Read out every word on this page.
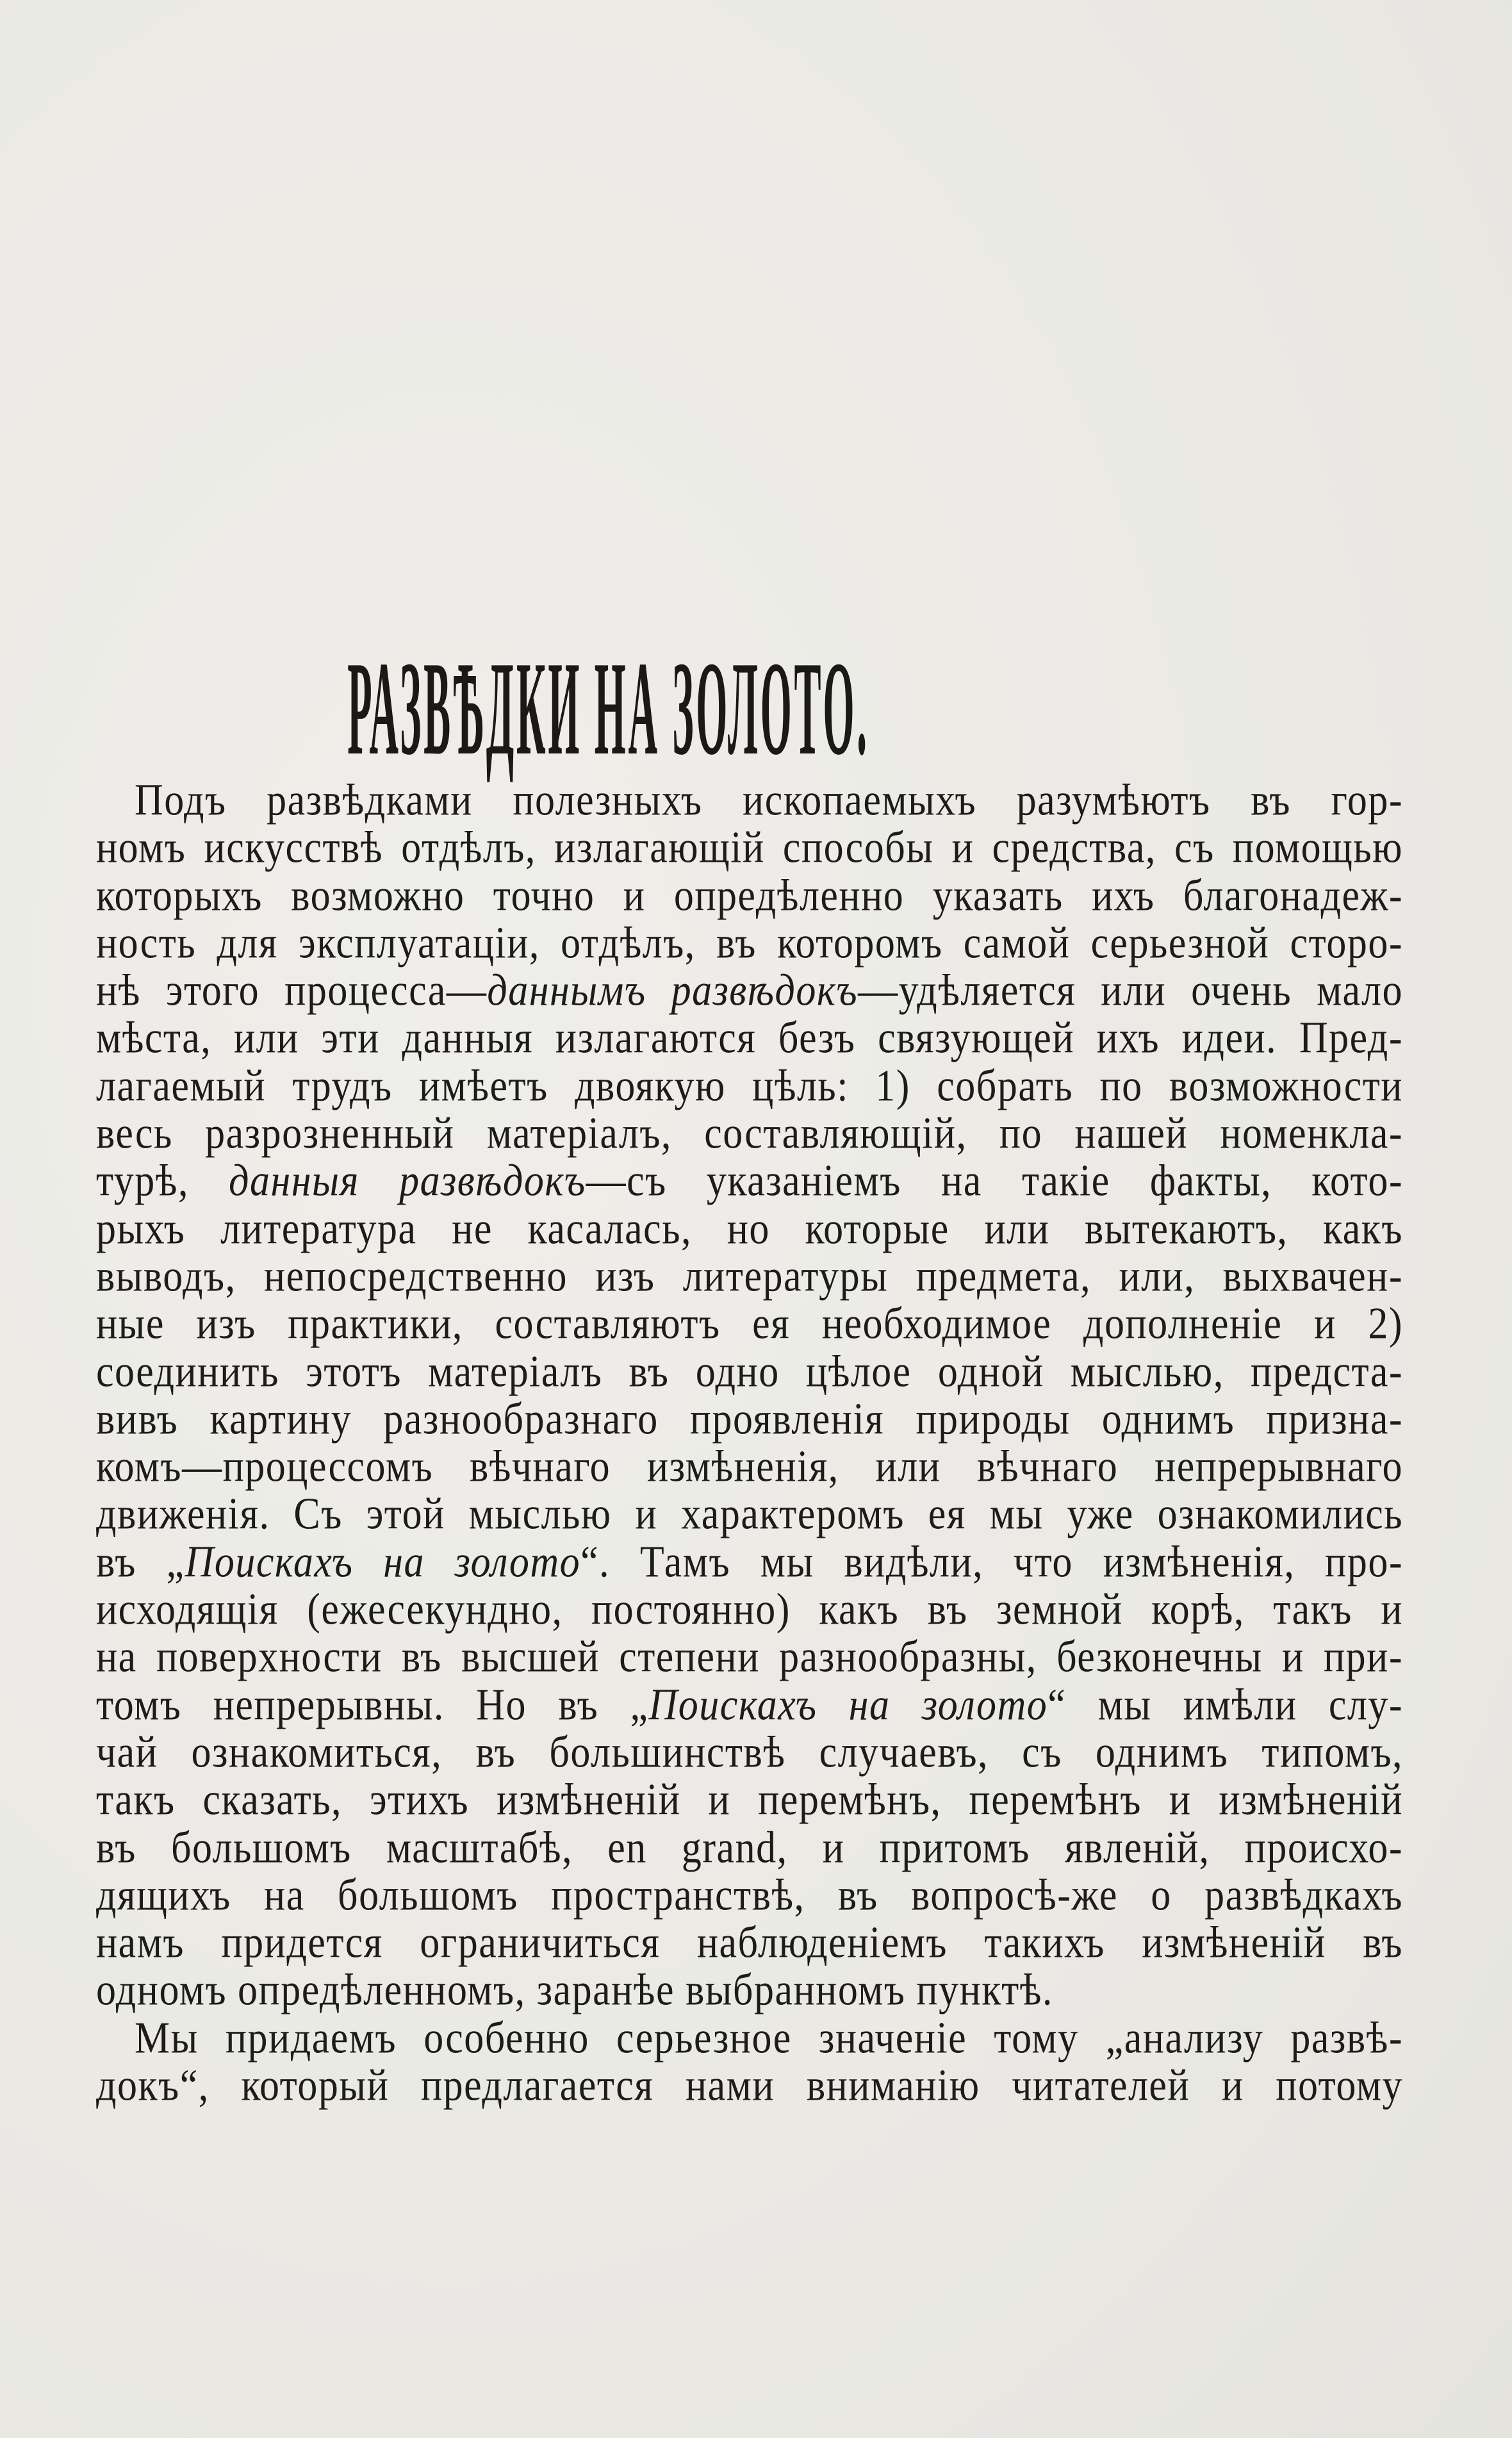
РАЗВѢДКИ НА ЗОЛОТО.
Подъ развѣдками полезныхъ ископаемыхъ разумѣютъ въ гор-
номъ искусствѣ отдѣлъ, излагающій способы и средства, съ помощью
которыхъ возможно точно и опредѣленно указать ихъ благонадеж-
ность для эксплуатаціи, отдѣлъ, въ которомъ самой серьезной сторо-
нѣ этого процесса—даннымъ развѣдокъ—удѣляется или очень мало
мѣста, или эти данныя излагаются безъ связующей ихъ идеи. Пред-
лагаемый трудъ имѣетъ двоякую цѣль: 1) собрать по возможности
весь разрозненный матеріалъ, составляющій, по нашей номенкла-
турѣ, данныя развѣдокъ—съ указаніемъ на такіе факты, кото-
рыхъ литература не касалась, но которые или вытекаютъ, какъ
выводъ, непосредственно изъ литературы предмета, или, выхвачен-
ные изъ практики, составляютъ ея необходимое дополненіе и 2)
соединить этотъ матеріалъ въ одно цѣлое одной мыслью, предста-
вивъ картину разнообразнаго проявленія природы однимъ призна-
комъ—процессомъ вѣчнаго измѣненія, или вѣчнаго непрерывнаго
движенія. Съ этой мыслью и характеромъ ея мы уже ознакомились
въ „Поискахъ на золото“. Тамъ мы видѣли, что измѣненія, про-
исходящія (ежесекундно, постоянно) какъ въ земной корѣ, такъ и
на поверхности въ высшей степени разнообразны, безконечны и при-
томъ непрерывны. Но въ „Поискахъ на золото“ мы имѣли слу-
чай ознакомиться, въ большинствѣ случаевъ, съ однимъ типомъ,
такъ сказать, этихъ измѣненій и перемѣнъ, перемѣнъ и измѣненій
въ большомъ масштабѣ, en grand, и притомъ явленій, происхо-
дящихъ на большомъ пространствѣ, въ вопросѣ-же о развѣдкахъ
намъ придется ограничиться наблюденіемъ такихъ измѣненій въ
одномъ опредѣленномъ, заранѣе выбранномъ пунктѣ.
Мы придаемъ особенно серьезное значеніе тому „анализу развѣ-
докъ“, который предлагается нами вниманію читателей и потому
